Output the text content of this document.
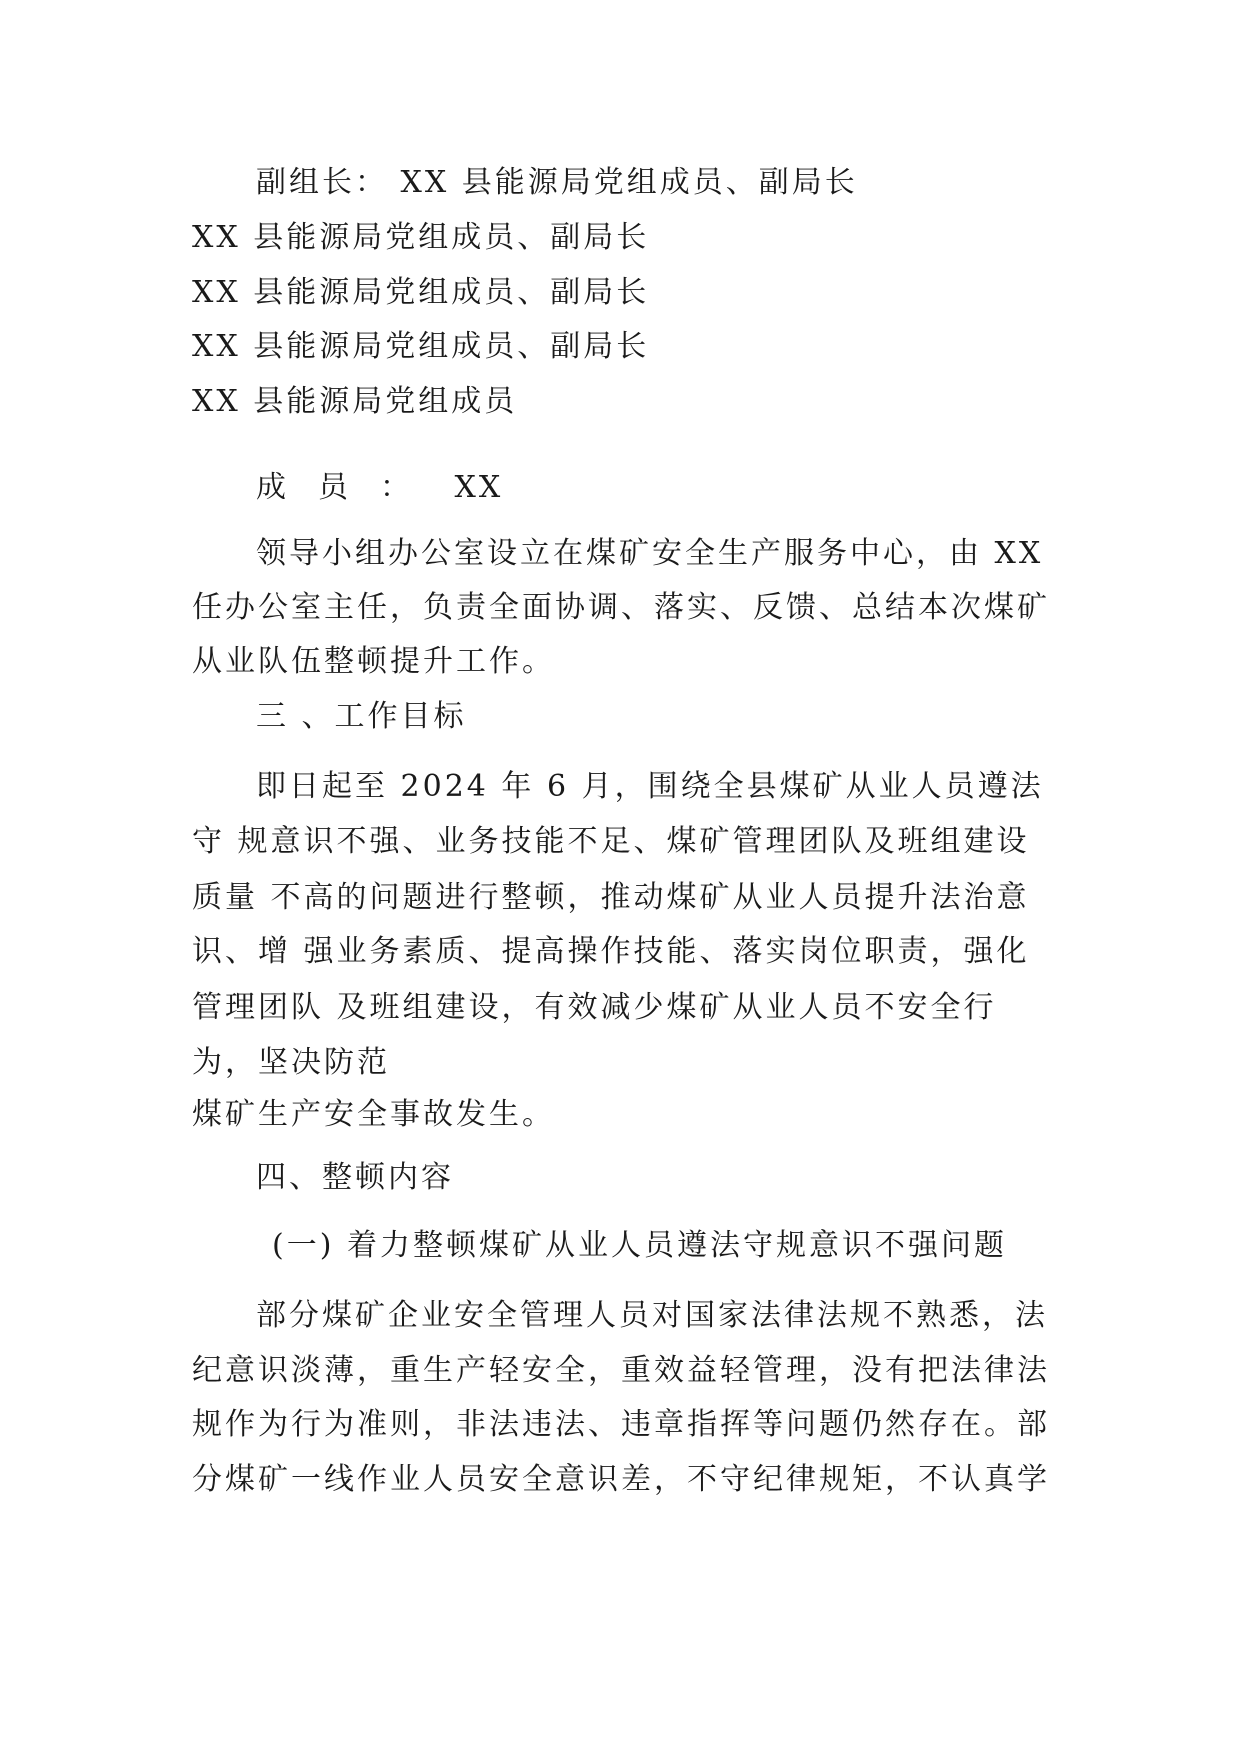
副组长： XX 县能源局党组成员、副局长
XX 县能源局党组成员、副局长
XX 县能源局党组成员、副局长
XX 县能源局党组成员、副局长
XX 县能源局党组成员
成员： XX
领导小组办公室设立在煤矿安全生产服务中心，由 XX
任办公室主任，负责全面协调、落实、反馈、总结本次煤矿
从业队伍整顿提升工作。
三 、工作目标
即日起至 2024 年 6 月，围绕全县煤矿从业人员遵法
守 规意识不强、业务技能不足、煤矿管理团队及班组建设
质量 不高的问题进行整顿，推动煤矿从业人员提升法治意
识、增 强业务素质、提高操作技能、落实岗位职责，强化
管理团队 及班组建设，有效减少煤矿从业人员不安全行
为，坚决防范
煤矿生产安全事故发生。
四、整顿内容
(一) 着力整顿煤矿从业人员遵法守规意识不强问题
部分煤矿企业安全管理人员对国家法律法规不熟悉，法
纪意识淡薄，重生产轻安全，重效益轻管理，没有把法律法
规作为行为准则，非法违法、违章指挥等问题仍然存在。部
分煤矿一线作业人员安全意识差，不守纪律规矩，不认真学
